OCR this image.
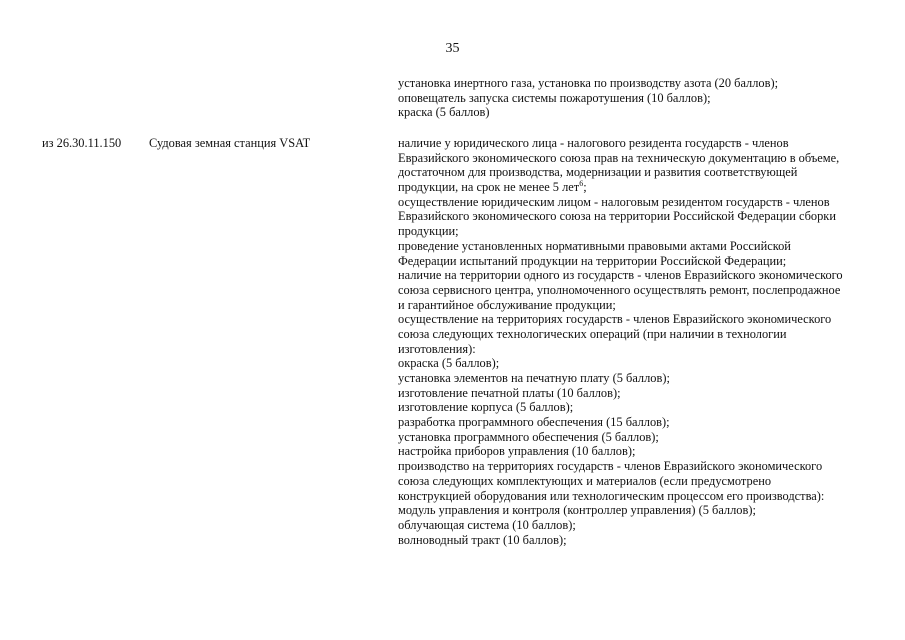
35
установка инертного газа, установка по производству азота (20 баллов);
оповещатель запуска системы пожаротушения (10 баллов);
краска (5 баллов)
из 26.30.11.150 Судовая земная станция VSAT	наличие у юридического лица - налогового резидента государств - членов
Евразийского экономического союза прав на техническую документацию в объеме,
достаточном для производства, модернизации и развития соответствующей
продукции, на срок не менее 5 лет$^6$;
осуществление юридическим лицом - налоговым резидентом государств - членов
Евразийского экономического союза на территории Российской Федерации сборки
продукции;
проведение установленных нормативными правовыми актами Российской
Федерации испытаний продукции на территории Российской Федерации;
наличие на территории одного из государств - членов Евразийского экономического
союза сервисного центра, уполномоченного осуществлять ремонт, послепродажное
и гарантийное обслуживание продукции;
осуществление на территориях государств - членов Евразийского экономического
союза следующих технологических операций (при наличии в технологии
изготовления):
окраска (5 баллов);
установка элементов на печатную плату (5 баллов);
изготовление печатной платы (10 баллов);
изготовление корпуса (5 баллов);
разработка программного обеспечения (15 баллов);
установка программного обеспечения (5 баллов);
настройка приборов управления (10 баллов);
производство на территориях государств - членов Евразийского экономического
союза следующих комплектующих и материалов (если предусмотрено
конструкцией оборудования или технологическим процессом его производства):
модуль управления и контроля (контроллер управления) (5 баллов);
облучающая система (10 баллов);
волноводный тракт (10 баллов);
